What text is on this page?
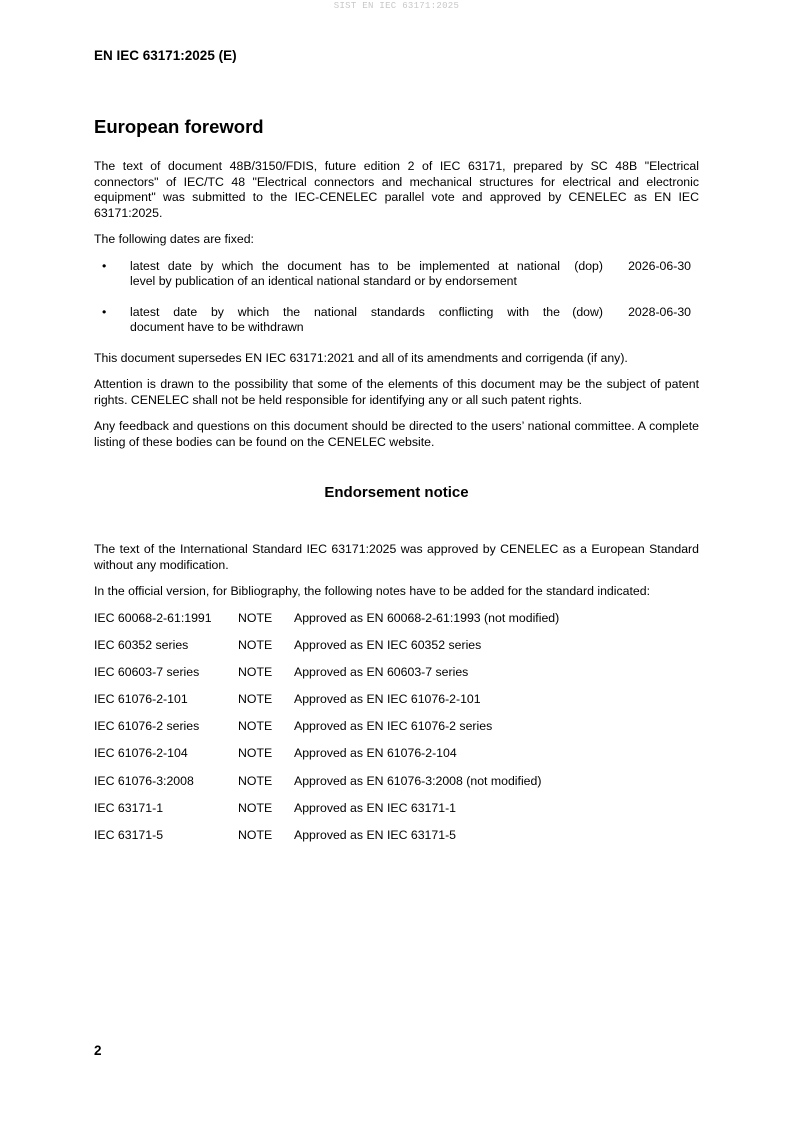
SIST EN IEC 63171:2025
EN IEC 63171:2025 (E)
European foreword

The text of document 48B/3150/FDIS, future edition 2 of IEC 63171, prepared by SC 48B "Electrical connectors" of IEC/TC 48 "Electrical connectors and mechanical structures for electrical and electronic equipment" was submitted to the IEC-CENELEC parallel vote and approved by CENELEC as EN IEC 63171:2025.

The following dates are fixed:

•	latest date by which the document has to be implemented at national
level by publication of an identical national standard or by endorsement
(dop)	2026-06-30
•	latest date by which the national standards conflicting with the
document have to be withdrawn
(dow)	2028-06-30

This document supersedes EN IEC 63171:2021 and all of its amendments and corrigenda (if any).

Attention is drawn to the possibility that some of the elements of this document may be the subject of patent rights. CENELEC shall not be held responsible for identifying any or all such patent rights.

Any feedback and questions on this document should be directed to the users’ national committee. A complete listing of these bodies can be found on the CENELEC website.

Endorsement notice

The text of the International Standard IEC 63171:2025 was approved by CENELEC as a European Standard without any modification.

In the official version, for Bibliography, the following notes have to be added for the standard indicated:

IEC 60068-2-61:1991	NOTE	Approved as EN 60068-2-61:1993 (not modified)
IEC 60352 series	NOTE	Approved as EN IEC 60352 series
IEC 60603-7 series	NOTE	Approved as EN 60603-7 series
IEC 61076-2-101	NOTE	Approved as EN IEC 61076-2-101
IEC 61076-2 series	NOTE	Approved as EN IEC 61076-2 series
IEC 61076-2-104	NOTE	Approved as EN 61076-2-104
IEC 61076-3:2008	NOTE	Approved as EN 61076-3:2008 (not modified)
IEC 63171-1	NOTE	Approved as EN IEC 63171-1
IEC 63171-5	NOTE	Approved as EN IEC 63171-5
2
